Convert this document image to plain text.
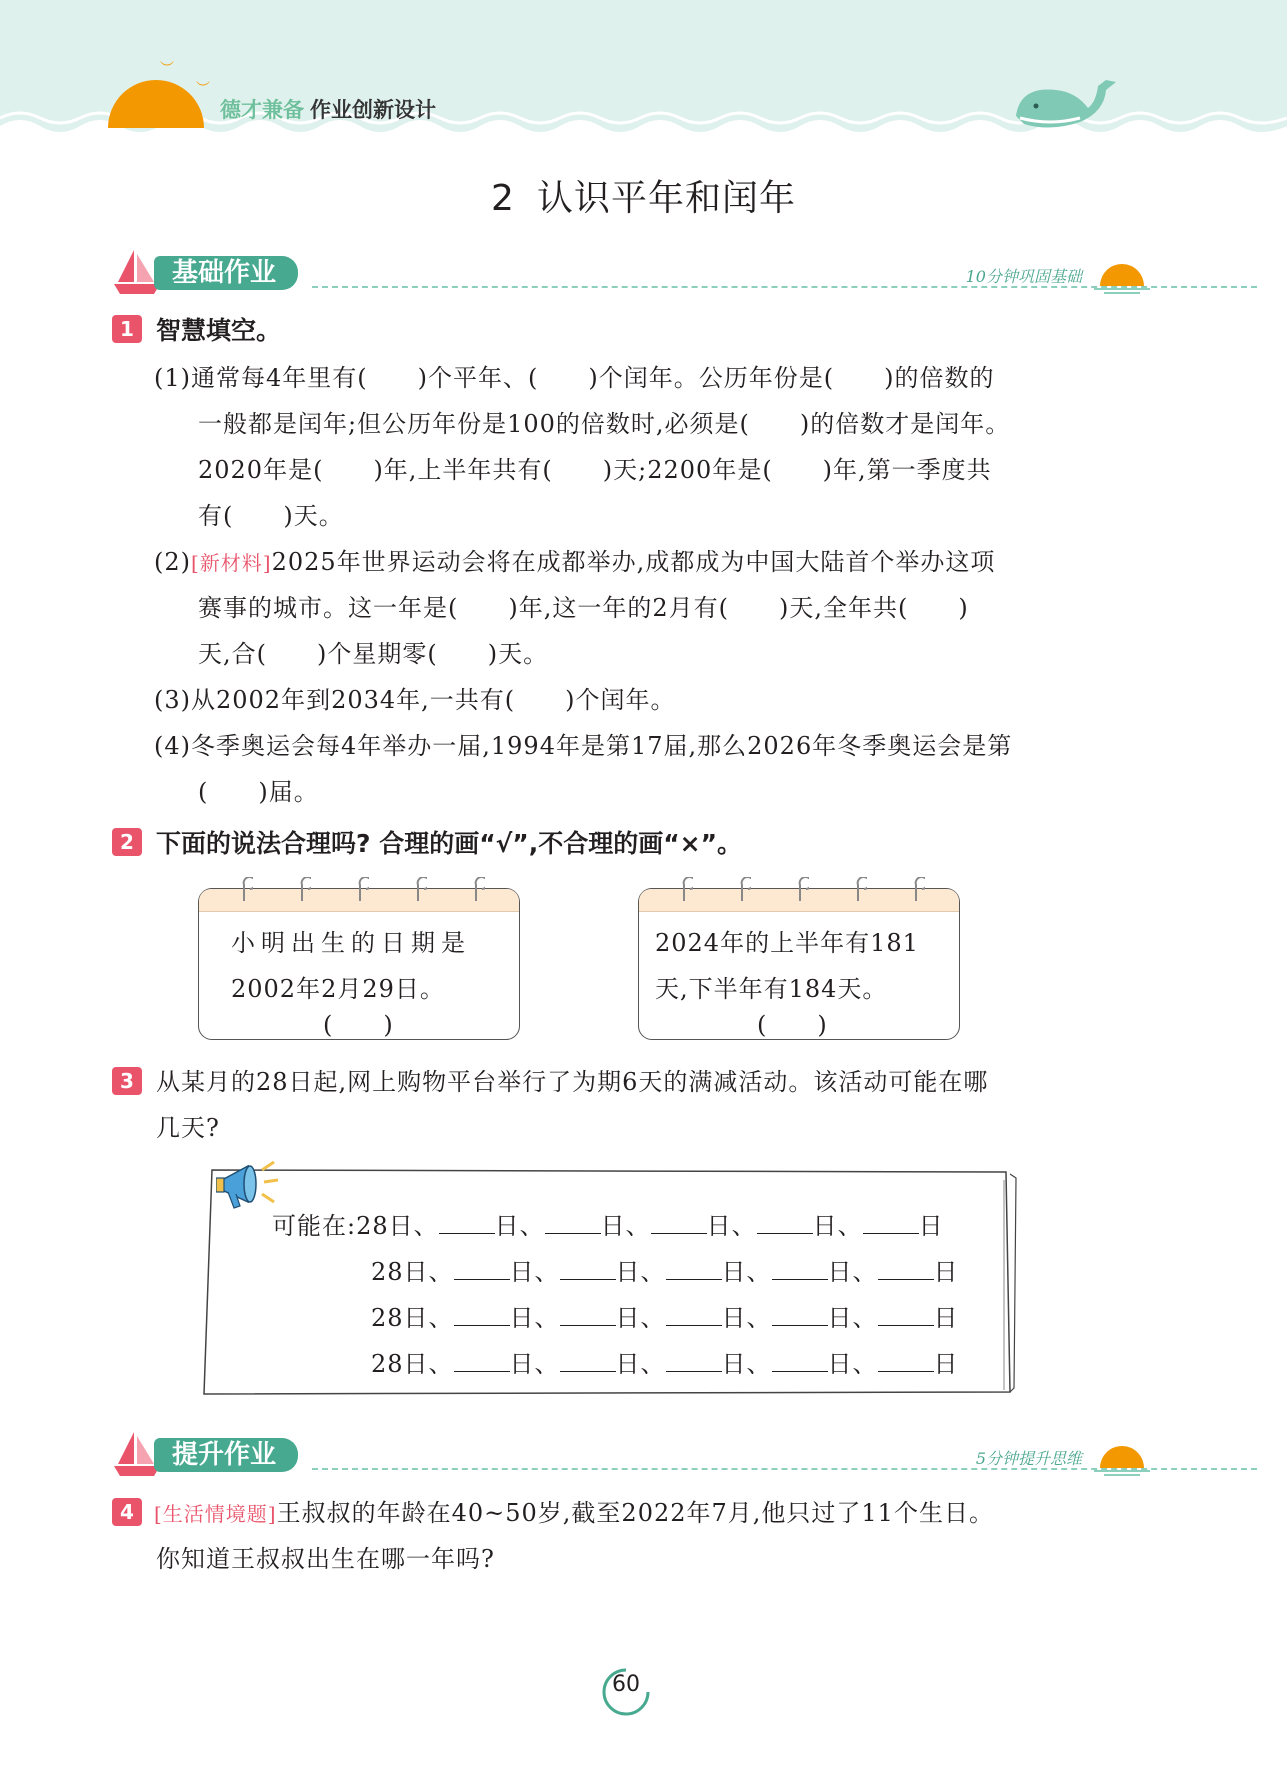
︶
︶
德才兼备 作业创新设计
2 认识平年和闰年
基础作业	10分钟巩固基础
1 智慧填空。
(1)通常每4年里有(　　)个平年、(　　)个闰年。公历年份是(　　)的倍数的
一般都是闰年;但公历年份是100的倍数时,必须是(　　)的倍数才是闰年。
2020年是(　　)年,上半年共有(　　)天;2200年是(　　)年,第一季度共
有(　　)天。
(2)[新材料]2025年世界运动会将在成都举办,成都成为中国大陆首个举办这项
赛事的城市。这一年是(　　)年,这一年的2月有(　　)天,全年共(　　)
天,合(　　)个星期零(　　)天。
(3)从2002年到2034年,一共有(　　)个闰年。
(4)冬季奥运会每4年举办一届,1994年是第17届,那么2026年冬季奥运会是第
(　　)届。
2 下面的说法合理吗? 合理的画“√”,不合理的画“×”。
小明出生的日期是
2002年2月29日。
(　　)
2024年的上半年有181
天,下半年有184天。
(　　)
3 从某月的28日起,网上购物平台举行了为期6天的满减活动。该活动可能在哪
几天?
可能在:28日、 日、 日、 日、 日、 日
28日、 日、 日、 日、 日、 日
28日、 日、 日、 日、 日、 日
28日、 日、 日、 日、 日、 日
提升作业	5分钟提升思维
4	[生活情境题]王叔叔的年龄在40~50岁,截至2022年7月,他只过了11个生日。
你知道王叔叔出生在哪一年吗?
60
